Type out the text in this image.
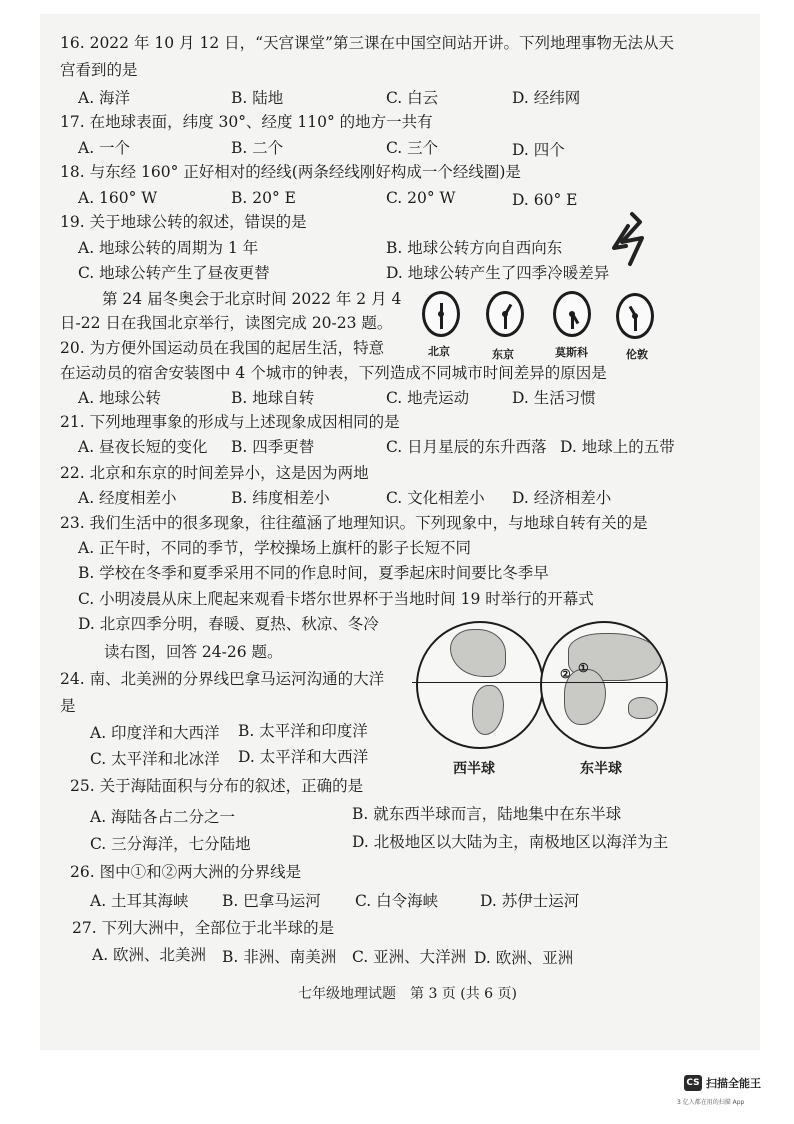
16. 2022 年 10 月 12 日，“天宫课堂”第三课在中国空间站开讲。下列地理事物无法从天
宫看到的是
A. 海洋	B. 陆地	C. 白云	D. 经纬网
17. 在地球表面，纬度 30°、经度 110° 的地方一共有
A. 一个	B. 二个	C. 三个	D. 四个
18. 与东经 160° 正好相对的经线(两条经线刚好构成一个经线圈)是
A. 160° W	B. 20° E	C. 20° W	D. 60° E
19. 关于地球公转的叙述，错误的是
A. 地球公转的周期为 1 年	B. 地球公转方向自西向东
C. 地球公转产生了昼夜更替	D. 地球公转产生了四季冷暖差异
第 24 届冬奥会于北京时间 2022 年 2 月 4
日-22 日在我国北京举行，读图完成 20-23 题。
北京	东京	莫斯科	伦敦
20. 为方便外国运动员在我国的起居生活，特意
在运动员的宿舍安装图中 4 个城市的钟表，下列造成不同城市时间差异的原因是
A. 地球公转	B. 地球自转	C. 地壳运动	D. 生活习惯
21. 下列地理事象的形成与上述现象成因相同的是
A. 昼夜长短的变化 B. 四季更替	C. 日月星辰的东升西落 D. 地球上的五带
22. 北京和东京的时间差异小，这是因为两地
A. 经度相差小	B. 纬度相差小	C. 文化相差小 D. 经济相差小
23. 我们生活中的很多现象，往往蕴涵了地理知识。下列现象中，与地球自转有关的是
A. 正午时，不同的季节，学校操场上旗杆的影子长短不同
B. 学校在冬季和夏季采用不同的作息时间，夏季起床时间要比冬季早
C. 小明凌晨从床上爬起来观看卡塔尔世界杯于当地时间 19 时举行的开幕式
D. 北京四季分明，春暖、夏热、秋凉、冬冷
读右图，回答 24-26 题。
①
②
西半球	东半球
24. 南、北美洲的分界线巴拿马运河沟通的大洋
是
A. 印度洋和大西洋 B. 太平洋和印度洋
C. 太平洋和北冰洋 D. 太平洋和大西洋
25. 关于海陆面积与分布的叙述，正确的是
A. 海陆各占二分之一	B. 就东西半球而言，陆地集中在东半球
C. 三分海洋，七分陆地	D. 北极地区以大陆为主，南极地区以海洋为主
26. 图中①和②两大洲的分界线是
A. 土耳其海峡 B. 巴拿马运河 C. 白令海峡	D. 苏伊士运河
27. 下列大洲中，全部位于北半球的是
A. 欧洲、北美洲 B. 非洲、南美洲 C. 亚洲、大洋洲 D. 欧洲、亚洲
七年级地理试题　第 3 页 (共 6 页)
CS 扫描全能王
3 亿人都在用的扫描 App
